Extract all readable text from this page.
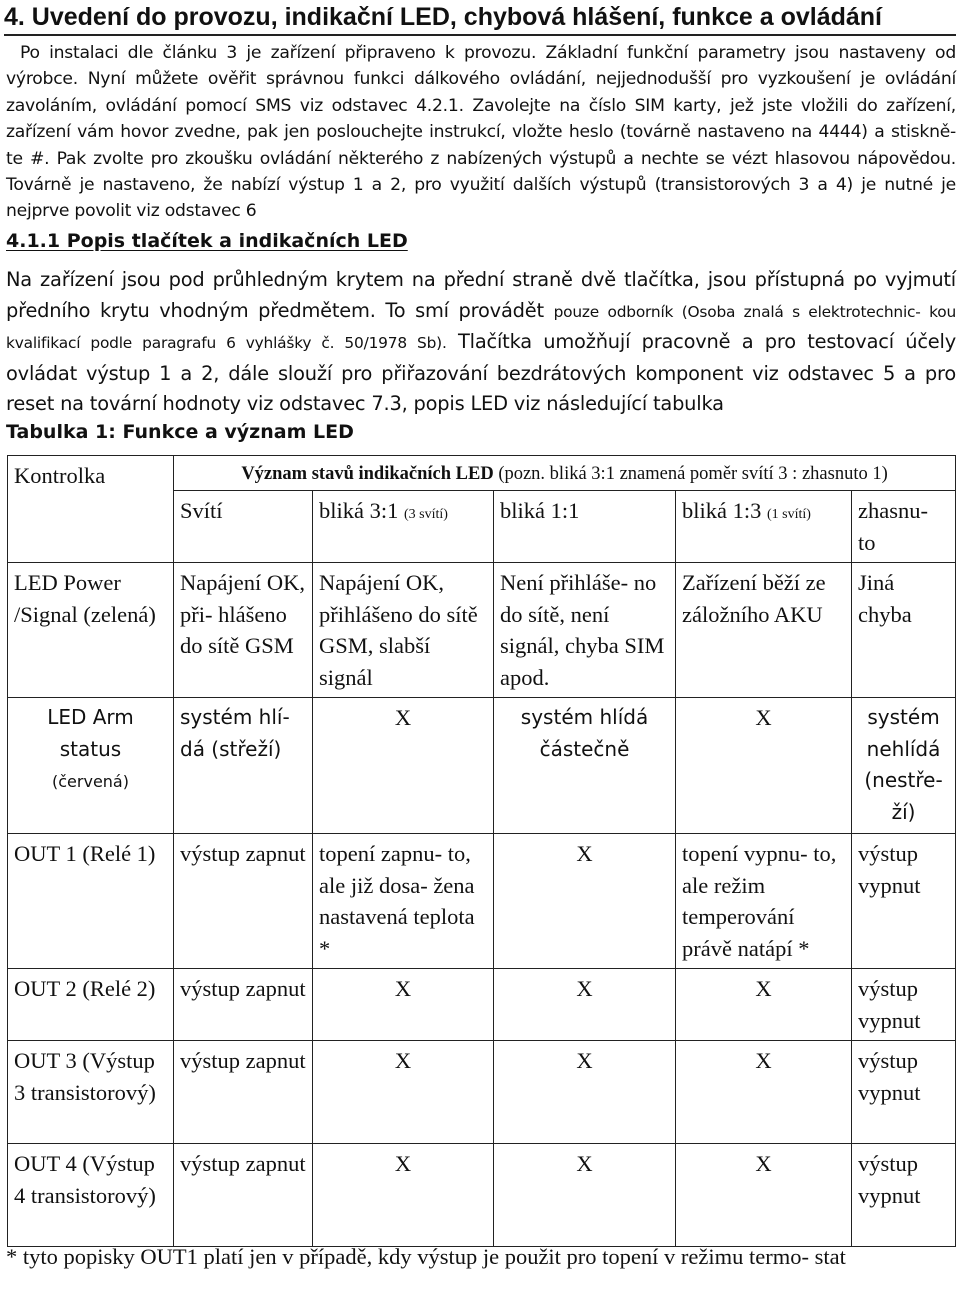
4. Uvedení do provozu, indikační LED, chybová hlášení, funkce a ovládání

Po instalaci dle článku 3 je zařízení připraveno k provozu. Základní funkční parametry jsou nastaveny od výrobce. Nyní můžete ověřit správnou funkci dálkového ovládání, nejjednodušší pro vyzkoušení je ovládání zavoláním, ovládání pomocí SMS viz odstavec 4.2.1. Zavolejte na číslo SIM karty, jež jste vložili do zařízení, zařízení vám hovor zvedne, pak jen poslouchejte instrukcí, vložte heslo (továrně nastaveno na 4444) a stiskně- te #. Pak zvolte pro zkoušku ovládání některého z nabízených výstupů a nechte se vézt hlasovou nápovědou. Továrně je nastaveno, že nabízí výstup 1 a 2, pro využití dalších výstupů (transistorových 3 a 4) je nutné je nejprve povolit viz odstavec 6

4.1.1 Popis tlačítek a indikačních LED

Na zařízení jsou pod průhledným krytem na přední straně dvě tlačítka, jsou přístupná po vyjmutí předního krytu vhodným předmětem. To smí provádět pouze odborník (Osoba znalá s elektrotechnic- kou kvalifikací podle paragrafu 6 vyhlášky č. 50/1978 Sb). Tlačítka umožňují pracovně a pro testovací účely ovládat výstup 1 a 2, dále slouží pro přiřazování bezdrátových komponent viz odstavec 5 a pro reset na tovární hodnoty viz odstavec 7.3, popis LED viz následující tabulka

Tabulka 1: Funkce a význam LED
Kontrolka	Význam stavů indikačních LED (pozn. bliká 3:1 znamená poměr svítí 3 : zhasnuto 1)				
	Svítí	bliká 3:1 (3 svítí)	bliká 1:1	bliká 1:3 (1 svítí)	zhasnu- to
LED Power /Signal (zelená)	Napájení OK, při- hlášeno do sítě GSM	Napájení OK, přihlášeno do sítě GSM, slabší signál	Není přihláše- no do sítě, není signál, chyba SIM apod.	Zařízení běží ze záložního AKU	Jiná chyba
LED Arm status
(červená)	systém hlí- dá (střeží)	X	systém hlídá částečně	X	systém nehlídá (nestře- ží)
OUT 1 (Relé 1)	výstup zapnut	topení zapnu- to, ale již dosa- žena nastavená teplota *	X	topení vypnu- to, ale režim temperování právě natápí *	výstup vypnut
OUT 2 (Relé 2)	výstup zapnut	X	X	X	výstup vypnut
OUT 3 (Výstup 3 transistorový)	výstup zapnut	X	X	X	výstup vypnut
OUT 4 (Výstup 4 transistorový)	výstup zapnut	X	X	X	výstup vypnut

* tyto popisky OUT1 platí jen v případě, kdy výstup je použit pro topení v režimu termo- stat
